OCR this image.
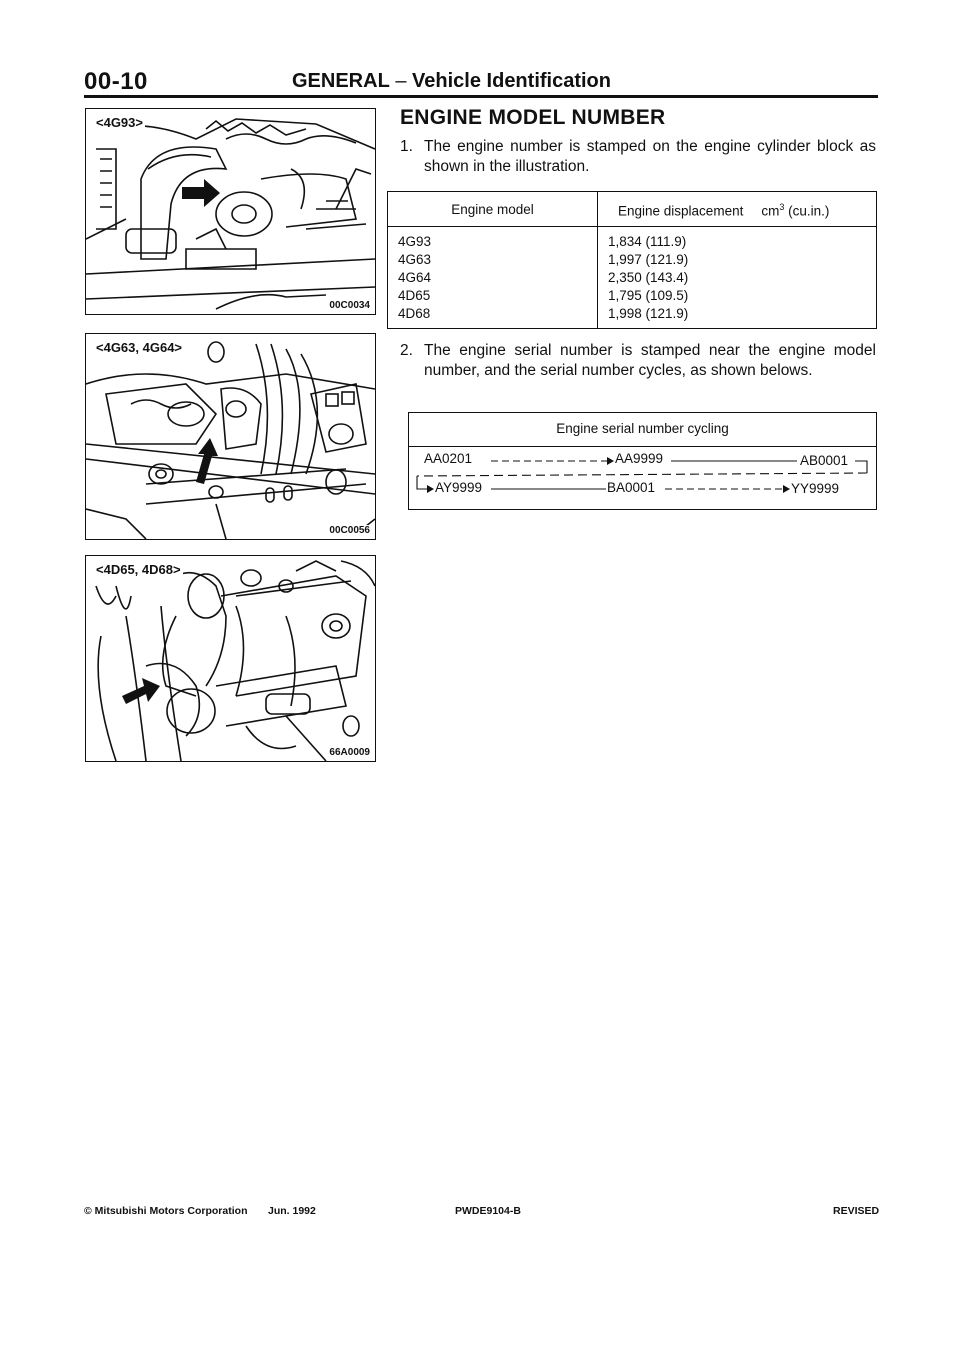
00-10	GENERAL – Vehicle Identification
<4G93>
00C0034
<4G63, 4G64>
00C0056
<4D65, 4D68>
66A0009
ENGINE MODEL NUMBER
1. The engine number is stamped on the engine cylinder block as shown in the illustration.
Engine model	Engine displacement $cm^3$ (cu.in.)
4G93	1,834 (111.9)
4G63	1,997 (121.9)
4G64	2,350 (143.4)
4D65	1,795 (109.5)
4D68	1,998 (121.9)
2. The engine serial number is stamped near the engine model number, and the serial number cycles, as shown belows.
Engine serial number cycling
AA0201	AA9999	AB0001
AY9999	BA0001	YY9999
© Mitsubishi Motors Corporation Jun. 1992	PWDE9104-B	REVISED
